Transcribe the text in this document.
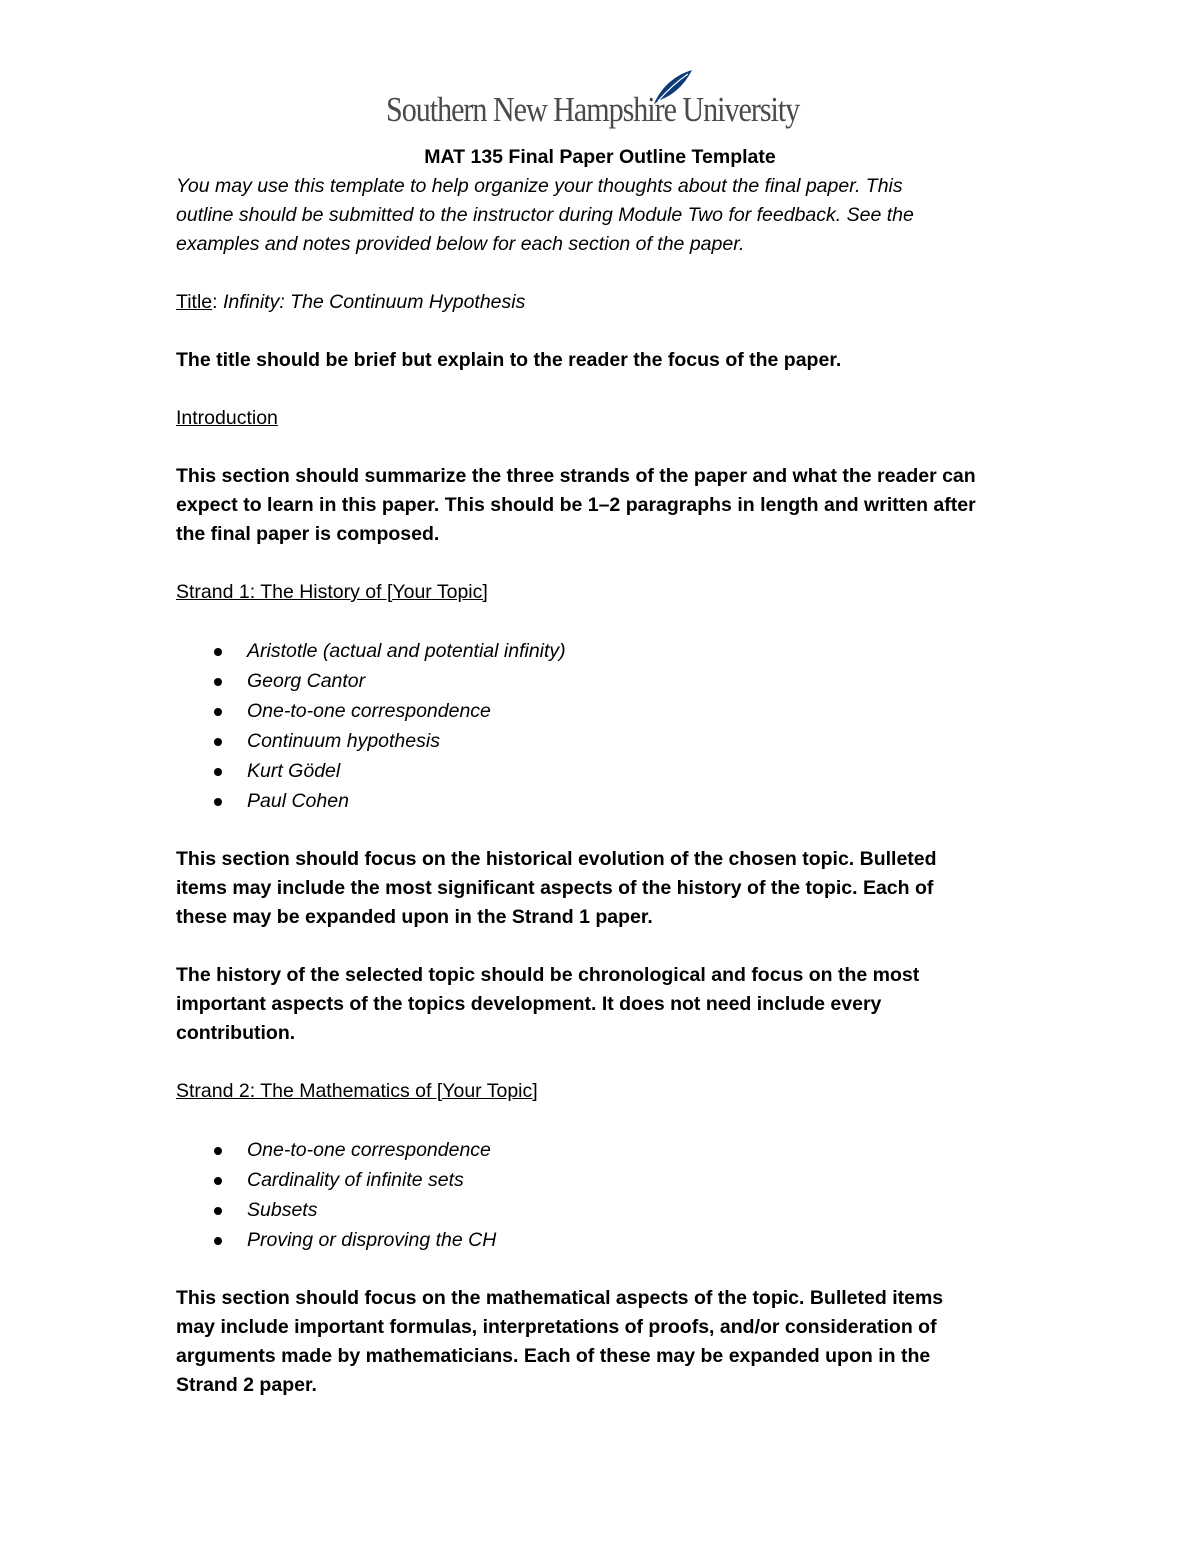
Southern New Hampshire University

MAT 135 Final Paper Outline Template

You may use this template to help organize your thoughts about the final paper. This

outline should be submitted to the instructor during Module Two for feedback. See the

examples and notes provided below for each section of the paper.

Title: Infinity: The Continuum Hypothesis

The title should be brief but explain to the reader the focus of the paper.

Introduction

This section should summarize the three strands of the paper and what the reader can

expect to learn in this paper. This should be 1–2 paragraphs in length and written after

the final paper is composed.

Strand 1: The History of [Your Topic]

Aristotle (actual and potential infinity)
Georg Cantor
One-to-one correspondence
Continuum hypothesis
Kurt Gödel
Paul Cohen

This section should focus on the historical evolution of the chosen topic. Bulleted

items may include the most significant aspects of the history of the topic. Each of

these may be expanded upon in the Strand 1 paper.

The history of the selected topic should be chronological and focus on the most

important aspects of the topics development. It does not need include every

contribution.

Strand 2: The Mathematics of [Your Topic]

One-to-one correspondence
Cardinality of infinite sets
Subsets
Proving or disproving the CH

This section should focus on the mathematical aspects of the topic. Bulleted items

may include important formulas, interpretations of proofs, and/or consideration of

arguments made by mathematicians. Each of these may be expanded upon in the

Strand 2 paper.
